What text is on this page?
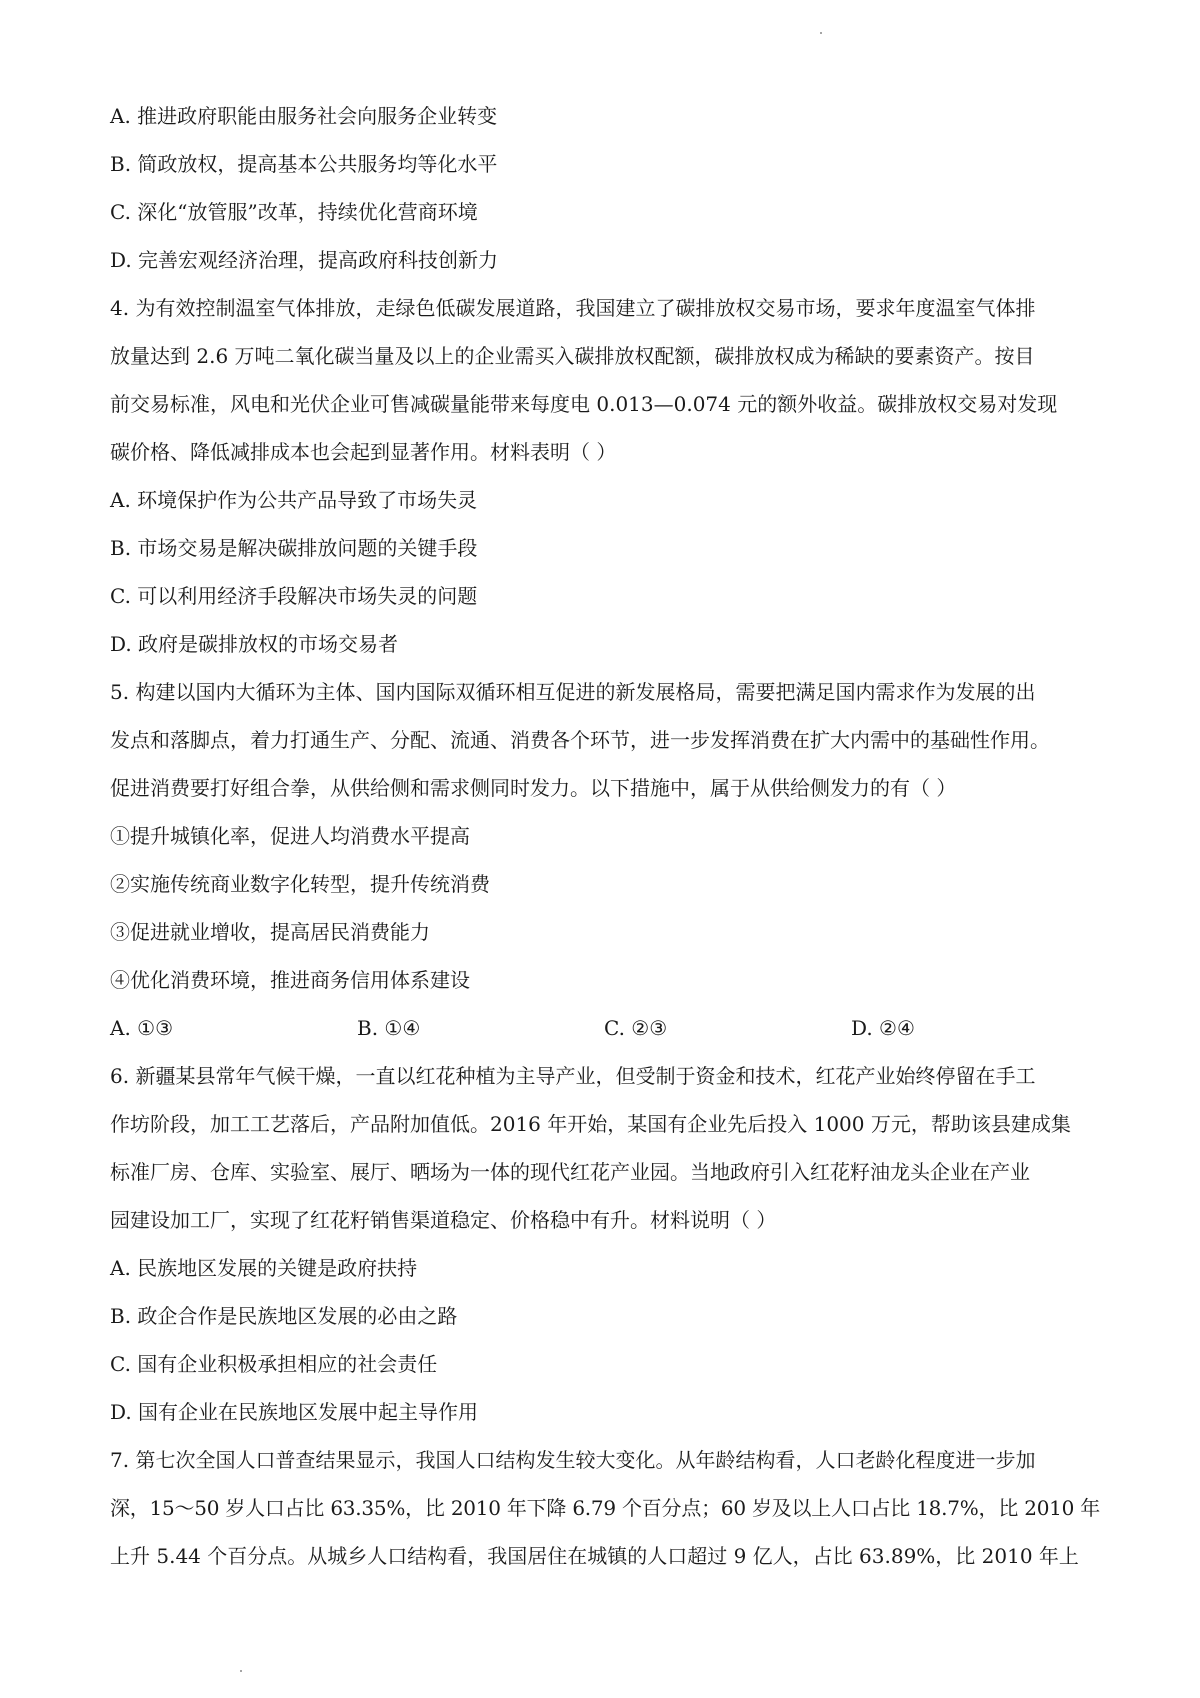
A. 推进政府职能由服务社会向服务企业转变
B. 简政放权，提高基本公共服务均等化水平
C. 深化“放管服”改革，持续优化营商环境
D. 完善宏观经济治理，提高政府科技创新力
4. 为有效控制温室气体排放，走绿色低碳发展道路，我国建立了碳排放权交易市场，要求年度温室气体排
放量达到 2.6 万吨二氧化碳当量及以上的企业需买入碳排放权配额，碳排放权成为稀缺的要素资产。按目
前交易标准，风电和光伏企业可售减碳量能带来每度电 0.013—0.074 元的额外收益。碳排放权交易对发现
碳价格、降低减排成本也会起到显著作用。材料表明（ ）
A. 环境保护作为公共产品导致了市场失灵
B. 市场交易是解决碳排放问题的关键手段
C. 可以利用经济手段解决市场失灵的问题
D. 政府是碳排放权的市场交易者
5. 构建以国内大循环为主体、国内国际双循环相互促进的新发展格局，需要把满足国内需求作为发展的出
发点和落脚点，着力打通生产、分配、流通、消费各个环节，进一步发挥消费在扩大内需中的基础性作用。
促进消费要打好组合拳，从供给侧和需求侧同时发力。以下措施中，属于从供给侧发力的有（ ）
①提升城镇化率，促进人均消费水平提高
②实施传统商业数字化转型，提升传统消费
③促进就业增收，提高居民消费能力
④优化消费环境，推进商务信用体系建设
A. ①③	B. ①④	C. ②③	D. ②④
6. 新疆某县常年气候干燥，一直以红花种植为主导产业，但受制于资金和技术，红花产业始终停留在手工
作坊阶段，加工工艺落后，产品附加值低。2016 年开始，某国有企业先后投入 1000 万元，帮助该县建成集
标准厂房、仓库、实验室、展厅、晒场为一体的现代红花产业园。当地政府引入红花籽油龙头企业在产业
园建设加工厂，实现了红花籽销售渠道稳定、价格稳中有升。材料说明（ ）
A. 民族地区发展的关键是政府扶持
B. 政企合作是民族地区发展的必由之路
C. 国有企业积极承担相应的社会责任
D. 国有企业在民族地区发展中起主导作用
7. 第七次全国人口普查结果显示，我国人口结构发生较大变化。从年龄结构看，人口老龄化程度进一步加
深，15～50 岁人口占比 63.35%，比 2010 年下降 6.79 个百分点；60 岁及以上人口占比 18.7%，比 2010 年
上升 5.44 个百分点。从城乡人口结构看，我国居住在城镇的人口超过 9 亿人，占比 63.89%，比 2010 年上
